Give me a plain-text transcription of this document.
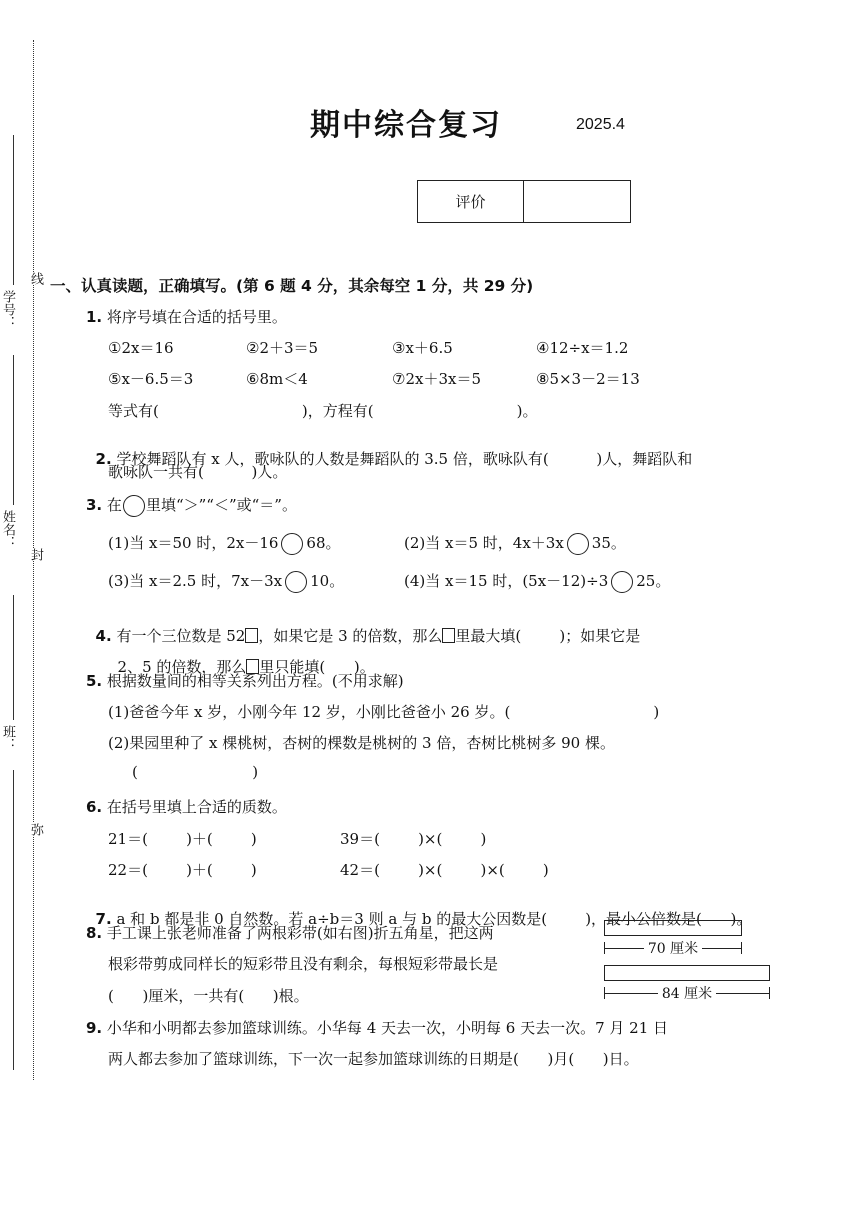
学号：
线
姓名：
封
班：
弥
期中综合复习	2025.4
评价
一、认真读题，正确填写。(第 6 题 4 分，其余每空 1 分，共 29 分)
1. 将序号填在合适的括号里。
①2x＝16	②2＋3＝5	③x＋6.5	④12÷x＝1.2
⑤x－6.5＝3	⑥8m＜4	⑦2x＋3x＝5	⑧5×3－2＝13
等式有(                              )，方程有(                              )。

2. 学校舞蹈队有 x 人，歌咏队的人数是舞蹈队的 3.5 倍，歌咏队有(          )人，舞蹈队和

歌咏队一共有(          )人。
3. 在 里填“＞”“＜”或“＝”。
(1)当 x＝50 时，2x－16 68。	(2)当 x＝5 时，4x＋3x 35。
(3)当 x＝2.5 时，7x－3x 10。	(4)当 x＝15 时，(5x－12)÷3 25。

4. 有一个三位数是 52 ，如果它是 3 的倍数，那么 里最大填(        )；如果它是

2、5 的倍数，那么 里只能填(      )。

5. 根据数量间的相等关系列出方程。(不用求解)
(1)爸爸今年 x 岁，小刚今年 12 岁，小刚比爸爸小 26 岁。(                              )
(2)果园里种了 x 棵桃树，杏树的棵数是桃树的 3 倍，杏树比桃树多 90 棵。
(                        )
6. 在括号里填上合适的质数。
21＝(        )＋(        )	39＝(        )×(        )
22＝(        )＋(        )	42＝(        )×(        )×(        )

7. a 和 b 都是非 0 自然数。若 a÷b＝3 则 a 与 b 的最大公因数是(        )，最小公倍数是(      )。

8. 手工课上张老师准备了两根彩带(如右图)折五角星，把这两
根彩带剪成同样长的短彩带且没有剩余，每根短彩带最长是
(      )厘米，一共有(      )根。
70 厘米
84 厘米
9. 小华和小明都去参加篮球训练。小华每 4 天去一次，小明每 6 天去一次。7 月 21 日
两人都去参加了篮球训练，下一次一起参加篮球训练的日期是(      )月(      )日。
